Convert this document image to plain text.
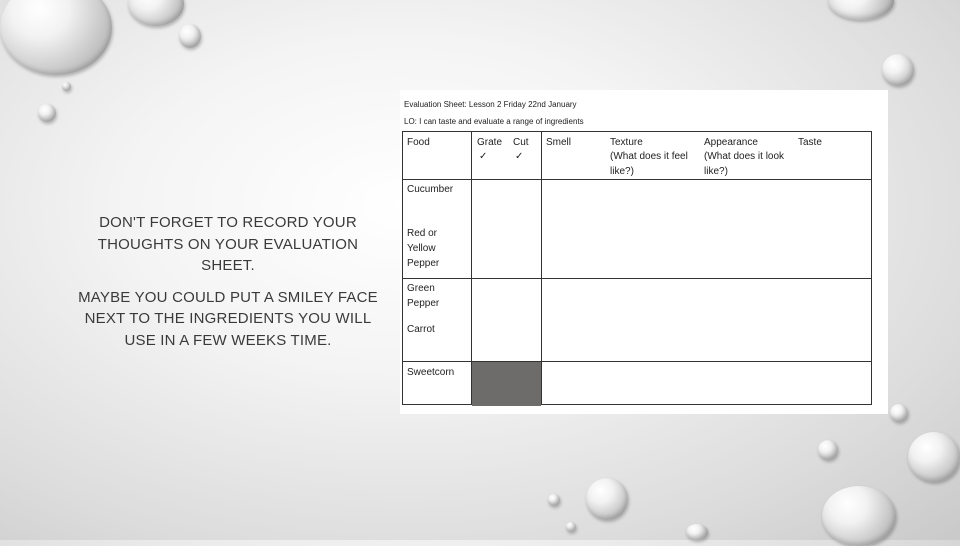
DON'T FORGET TO RECORD YOUR THOUGHTS ON YOUR EVALUATION SHEET.

MAYBE YOU COULD PUT A SMILEY FACE NEXT TO THE INGREDIENTS YOU WILL USE IN A FEW WEEKS TIME.

Evaluation Sheet: Lesson 2 Friday 22nd January
LO: I can taste and evaluate a range of ingredients
Food	Grate
✓
Cut
✓
Smell	Texture
(What does it feel like?)
Appearance
(What does it look like?)
Taste
Cucumber
Red or Yellow Pepper
Green Pepper
Carrot
Sweetcorn
